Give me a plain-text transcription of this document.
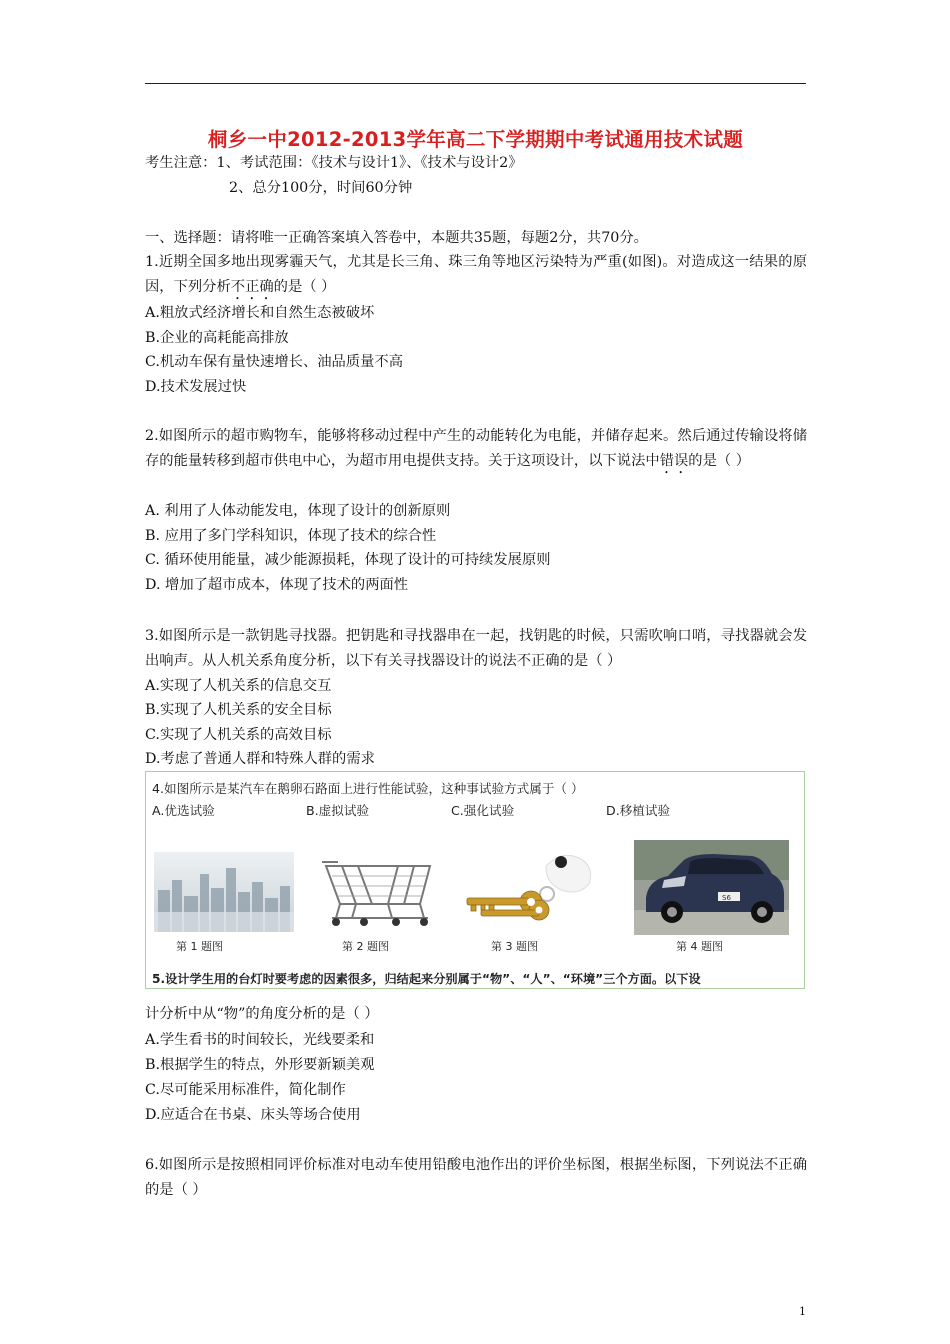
桐乡一中2012-2013学年高二下学期期中考试通用技术试题
考生注意：1、考试范围：《技术与设计1》、《技术与设计2》
2、总分100分，时间60分钟
一、选择题：请将唯一正确答案填入答卷中，本题共35题，每题2分，共70分。
1.近期全国多地出现雾霾天气，尤其是长三角、珠三角等地区污染特为严重(如图)。对造成这一结果的原因，下列分析不正确的是（ ）
A.粗放式经济增长和自然生态被破坏
B.企业的高耗能高排放
C.机动车保有量快速增长、油品质量不高
D.技术发展过快
2.如图所示的超市购物车，能够将移动过程中产生的动能转化为电能，并储存起来。然后通过传输设将储存的能量转移到超市供电中心，为超市用电提供支持。关于这项设计，以下说法中错误的是（ ）
A. 利用了人体动能发电，体现了设计的创新原则
B. 应用了多门学科知识，体现了技术的综合性
C. 循环使用能量，减少能源损耗，体现了设计的可持续发展原则
D. 增加了超市成本，体现了技术的两面性
3.如图所示是一款钥匙寻找器。把钥匙和寻找器串在一起，找钥匙的时候，只需吹响口哨，寻找器就会发出响声。从人机关系角度分析，以下有关寻找器设计的说法不正确的是（ ）
A.实现了人机关系的信息交互
B.实现了人机关系的安全目标
C.实现了人机关系的高效目标
D.考虑了普通人群和特殊人群的需求
4.如图所示是某汽车在鹅卵石路面上进行性能试验，这种事试验方式属于（ ）
A.优选试验	B.虚拟试验	C.强化试验	D.移植试验
S6
第 1 题图	第 2 题图	第 3 题图	第 4 题图
5.设计学生用的台灯时要考虑的因素很多，归结起来分别属于“物”、“人”、“环境”三个方面。以下设
计分析中从“物”的角度分析的是（ ）
A.学生看书的时间较长，光线要柔和
B.根据学生的特点，外形要新颖美观
C.尽可能采用标准件，简化制作
D.应适合在书桌、床头等场合使用
6.如图所示是按照相同评价标准对电动车使用铅酸电池作出的评价坐标图，根据坐标图，下列说法不正确的是（ ）
1
